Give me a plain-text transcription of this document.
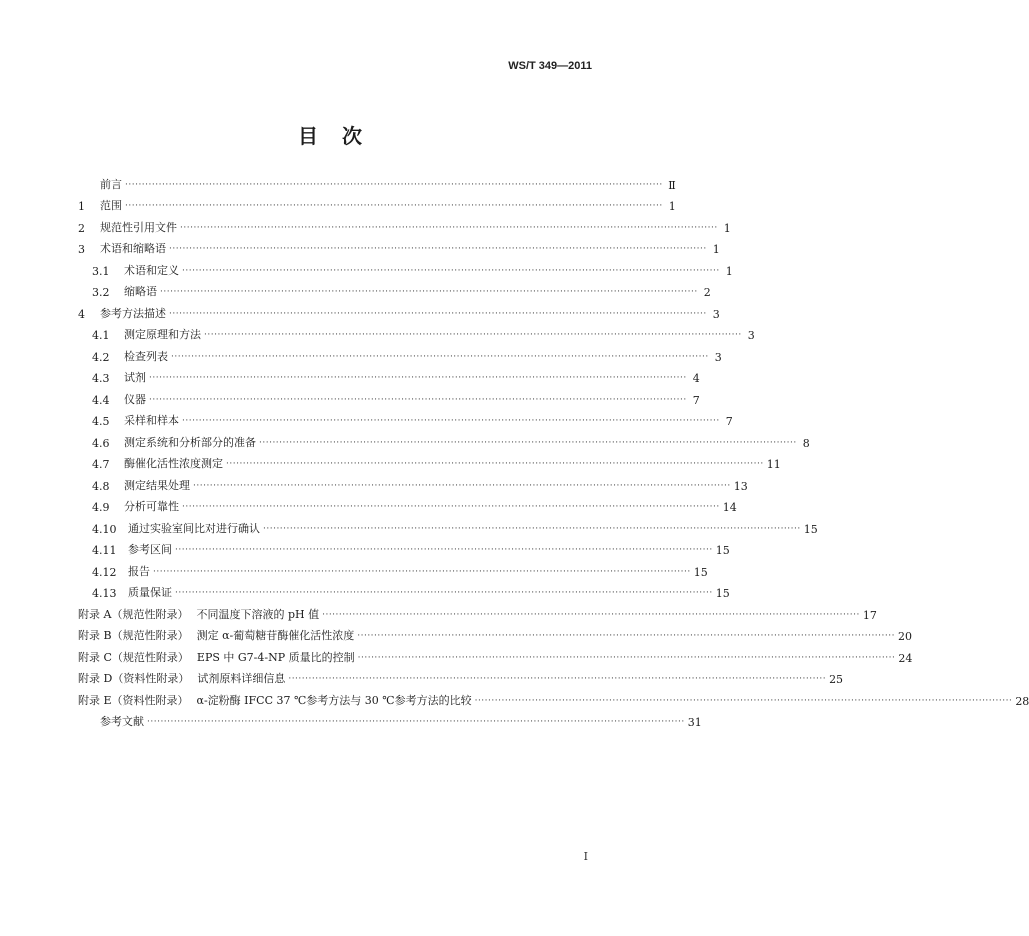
WS/T 349—2011
目　次
前言 ································································································································································ Ⅱ
1	范围 ································································································································································ 1
2	规范性引用文件 ································································································································································ 1
3	术语和缩略语 ································································································································································ 1
3.1	术语和定义 ································································································································································ 1
3.2	缩略语 ································································································································································ 2
4	参考方法描述 ································································································································································ 3
4.1	测定原理和方法 ································································································································································ 3
4.2	检查列表 ································································································································································ 3
4.3	试剂 ································································································································································ 4
4.4	仪器 ································································································································································ 7
4.5	采样和样本 ································································································································································ 7
4.6	测定系统和分析部分的准备 ································································································································································ 8
4.7	酶催化活性浓度测定 ································································································································································ 11
4.8	测定结果处理 ································································································································································ 13
4.9	分析可靠性 ································································································································································ 14
4.10	通过实验室间比对进行确认 ································································································································································ 15
4.11	参考区间 ································································································································································ 15
4.12	报告 ································································································································································ 15
4.13	质量保证 ································································································································································ 15
附录 A（规范性附录） 不同温度下溶液的 pH 值 ································································································································································ 17
附录 B（规范性附录） 测定 α-葡萄糖苷酶催化活性浓度 ································································································································································ 20
附录 C（规范性附录） EPS 中 G7-4-NP 质量比的控制 ································································································································································ 24
附录 D（资料性附录） 试剂原料详细信息 ································································································································································ 25
附录 E（资料性附录） α-淀粉酶 IFCC 37 ℃参考方法与 30 ℃参考方法的比较 ································································································································································ 28
参考文献 ································································································································································ 31
I
